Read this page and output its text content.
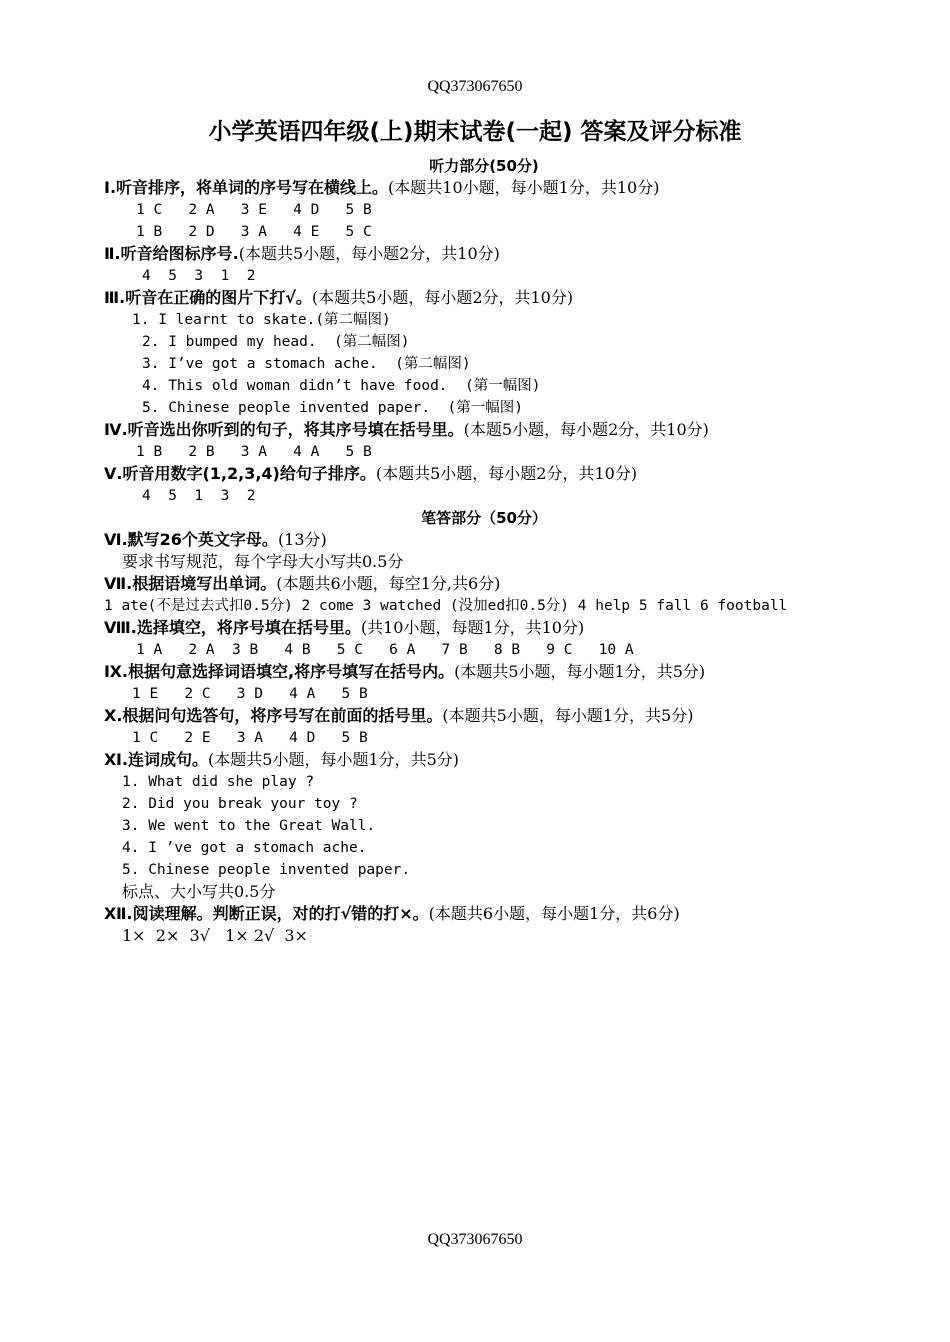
QQ373067650
小学英语四年级(上)期末试卷(一起) 答案及评分标准
听力部分(50分)
Ⅰ.听音排序，将单词的序号写在横线上。(本题共10小题，每小题1分，共10分)
1 C   2 A   3 E   4 D   5 B
1 B   2 D   3 A   4 E   5 C
Ⅱ.听音给图标序号.(本题共5小题，每小题2分，共10分)
4  5  3  1  2
Ⅲ.听音在正确的图片下打√。(本题共5小题，每小题2分，共10分)
1. I learnt to skate.(第二幅图)
2. I bumped my head.  (第二幅图)
3. I’ve got a stomach ache.  (第二幅图)
4. This old woman didn’t have food.  (第一幅图)
5. Chinese people invented paper.  (第一幅图)
Ⅳ.听音选出你听到的句子，将其序号填在括号里。(本题5小题，每小题2分，共10分)
1 B   2 B   3 A   4 A   5 B
Ⅴ.听音用数字(1,2,3,4)给句子排序。(本题共5小题，每小题2分，共10分)
4  5  1  3  2
笔答部分（50分）
Ⅵ.默写26个英文字母。(13分)
要求书写规范，每个字母大小写共0.5分
Ⅶ.根据语境写出单词。(本题共6小题，每空1分,共6分)
1 ate(不是过去式扣0.5分) 2 come 3 watched (没加ed扣0.5分) 4 help 5 fall 6 football
Ⅷ.选择填空，将序号填在括号里。(共10小题，每题1分，共10分)
1 A   2 A  3 B   4 B   5 C   6 A   7 B   8 B   9 C   10 A
Ⅸ.根据句意选择词语填空,将序号填写在括号内。(本题共5小题，每小题1分，共5分)
1 E   2 C   3 D   4 A   5 B
Ⅹ.根据问句选答句，将序号写在前面的括号里。(本题共5小题，每小题1分，共5分)
1 C   2 E   3 A   4 D   5 B
Ⅺ.连词成句。(本题共5小题，每小题1分，共5分)
1. What did she play ?
2. Did you break your toy ?
3. We went to the Great Wall.
4. I ’ve got a stomach ache.
5. Chinese people invented paper.
标点、大小写共0.5分
Ⅻ.阅读理解。判断正误，对的打√错的打×。(本题共6小题，每小题1分，共6分)
1×  2×  3√   1× 2√  3×
QQ373067650
